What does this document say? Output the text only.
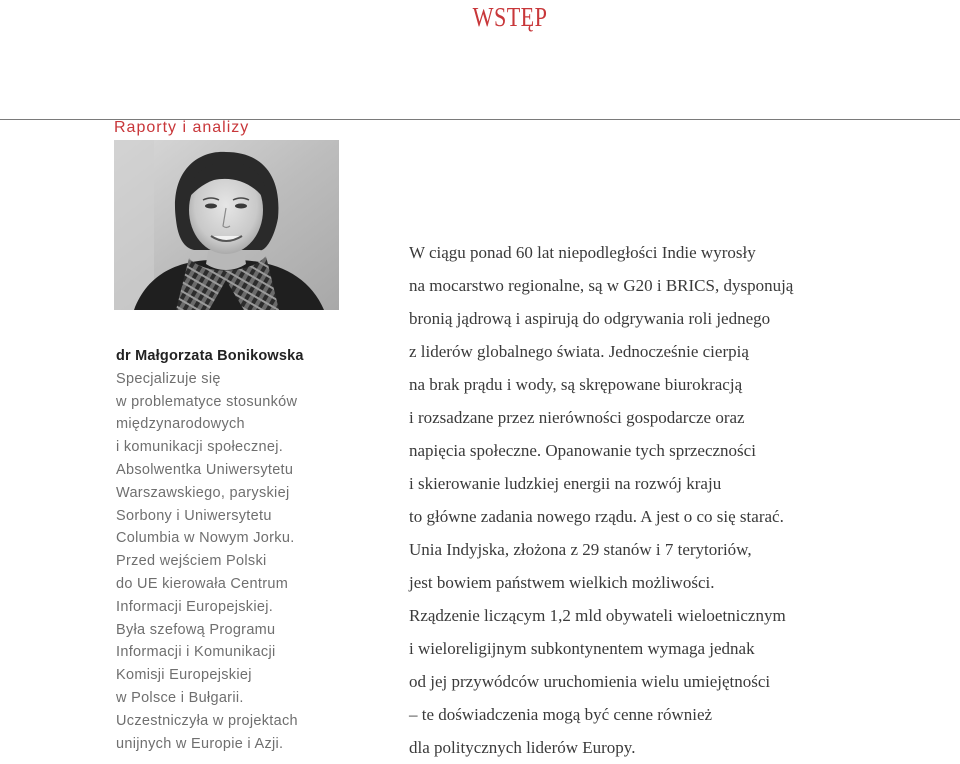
WSTĘP
Raporty i analizy
dr Małgorzata Bonikowska
Specjalizuje się
w problematyce stosunków
międzynarodowych
i komunikacji społecznej.
Absolwentka Uniwersytetu
Warszawskiego, paryskiej
Sorbony i Uniwersytetu
Columbia w Nowym Jorku.
Przed wejściem Polski
do UE kierowała Centrum
Informacji Europejskiej.
Była szefową Programu
Informacji i Komunikacji
Komisji Europejskiej
w Polsce i Bułgarii.
Uczestniczyła w projektach
unijnych w Europie i Azji.
W ciągu ponad 60 lat niepodległości Indie wyrosły
na mocarstwo regionalne, są w G20 i BRICS, dysponują
bronią jądrową i aspirują do odgrywania roli jednego
z liderów globalnego świata. Jednocześnie cierpią
na brak prądu i wody, są skrępowane biurokracją
i rozsadzane przez nierówności gospodarcze oraz
napięcia społeczne. Opanowanie tych sprzeczności
i skierowanie ludzkiej energii na rozwój kraju
to główne zadania nowego rządu. A jest o co się starać.
Unia Indyjska, złożona z 29 stanów i 7 terytoriów,
jest bowiem państwem wielkich możliwości.
Rządzenie liczącym 1,2 mld obywateli wieloetnicznym
i wieloreligijnym subkontynentem wymaga jednak
od jej przywódców uruchomienia wielu umiejętności
– te doświadczenia mogą być cenne również
dla politycznych liderów Europy.
